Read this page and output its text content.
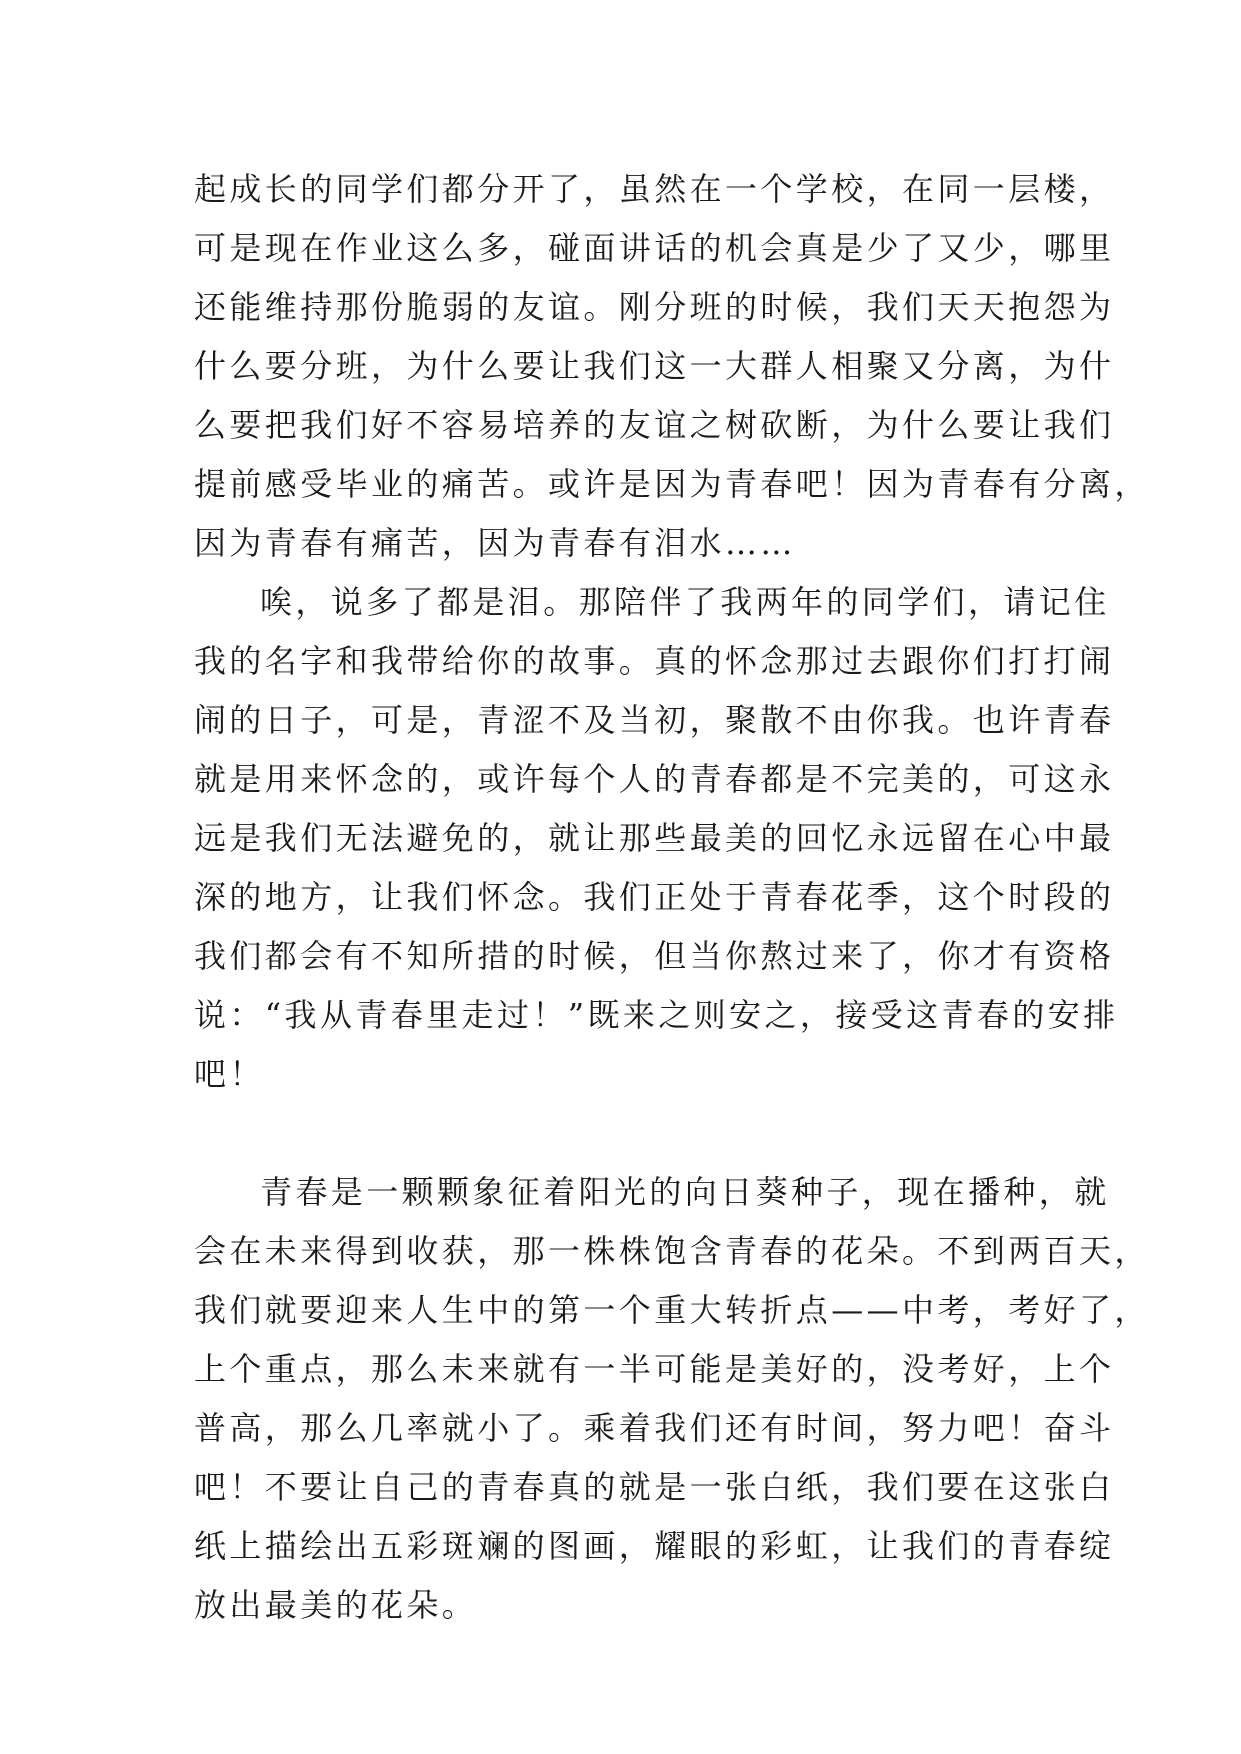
起成长的同学们都分开了，虽然在一个学校，在同一层楼，
可是现在作业这么多，碰面讲话的机会真是少了又少，哪里
还能维持那份脆弱的友谊。刚分班的时候，我们天天抱怨为
什么要分班，为什么要让我们这一大群人相聚又分离，为什
么要把我们好不容易培养的友谊之树砍断，为什么要让我们
提前感受毕业的痛苦。或许是因为青春吧！因为青春有分离，
因为青春有痛苦，因为青春有泪水……
唉，说多了都是泪。那陪伴了我两年的同学们，请记住
我的名字和我带给你的故事。真的怀念那过去跟你们打打闹
闹的日子，可是，青涩不及当初，聚散不由你我。也许青春
就是用来怀念的，或许每个人的青春都是不完美的，可这永
远是我们无法避免的，就让那些最美的回忆永远留在心中最
深的地方，让我们怀念。我们正处于青春花季，这个时段的
我们都会有不知所措的时候，但当你熬过来了，你才有资格
说：“我从青春里走过！”既来之则安之，接受这青春的安排
吧！
青春是一颗颗象征着阳光的向日葵种子，现在播种，就
会在未来得到收获，那一株株饱含青春的花朵。不到两百天，
我们就要迎来人生中的第一个重大转折点——中考，考好了，
上个重点，那么未来就有一半可能是美好的，没考好，上个
普高，那么几率就小了。乘着我们还有时间，努力吧！奋斗
吧！不要让自己的青春真的就是一张白纸，我们要在这张白
纸上描绘出五彩斑斓的图画，耀眼的彩虹，让我们的青春绽
放出最美的花朵。
